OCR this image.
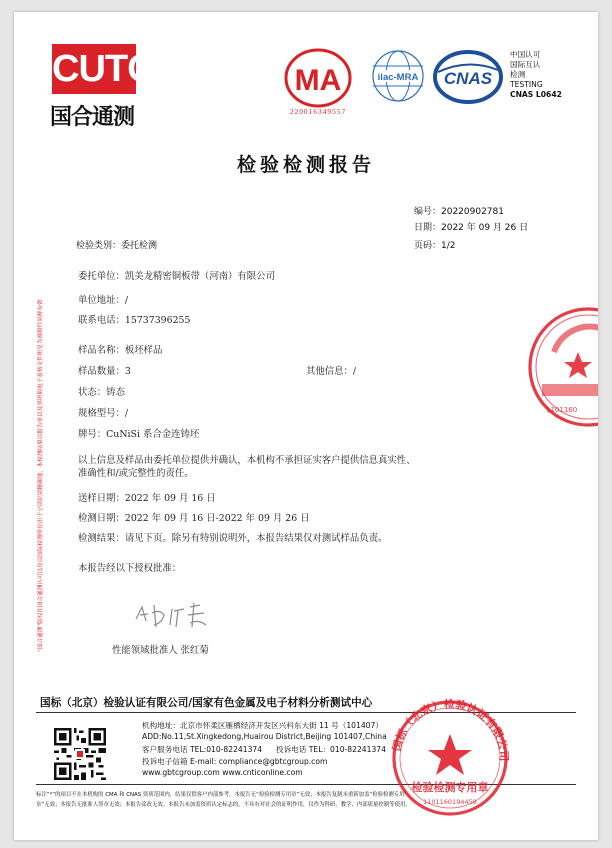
CUTC
国合通测
MA
220016349557
ilac-MRA CNAS
中国认可
国际互认
检测
TESTING
CNAS L0642
检验检测报告
编号：20220902781
日期：2022 年 09 月 26 日
页码：1/2
检验类别：委托检测
委托单位：凯美龙精密铜板带（河南）有限公司
单位地址：/
联系电话：15737396255
样品名称：板坯样品
样品数量：3	其他信息：/
状态：铸态
规格型号：/
牌号：CuNiSi 系合金连铸坯
以上信息及样品由委托单位提供并确认，本机构不承担证实客户提供信息真实性、
准确性和/或完整性的责任。
送样日期：2022 年 09 月 16 日
检测日期：2022 年 09 月 16 日-2022 年 09 月 26 日
检测结果：请见下页。除另有特别说明外，本报告结果仅对测试样品负责。
本报告经以下授权批准：
性能领域批准人 张红菊
“国合通测”版权在国合通测认可以及以国际检测单位出于分别识别精确地，本检测结果以报告单以及其所附电子表格文件所见为准附件同样有效	1101160
国标（北京）检验认证有限公司/国家有色金属及电子材料分析测试中心
机构地址：北京市怀柔区雁栖经济开发区兴科东大街 11 号（101407）
ADD:No.11,St.Xingkedong,Huairou District,Beijing 101407,China
客户服务电话 TEL:010-82241374 投诉电话 TEL：010-82241374
投诉电子信箱 E-mail: compliance@gbtcgroup.com
www.gbtcgroup.com www.cnticonline.com
标注“*”的项目不在本机构的 CMA 和 CNAS 资质范围内，结果仅供客户内部参考。本报告无“检验检测专用章”无效；本报告复制未重新加盖“检验检测专用
章”无效；本报告无批准人签章无效；本报告涂改无效。本报告未加盖资质认定标志的，不具有对社会的证明作用，仅作为科研、教学、内部质量控制等使用。
国标（北京）检验认证有限公司
检验检测专用章
1101160194458
